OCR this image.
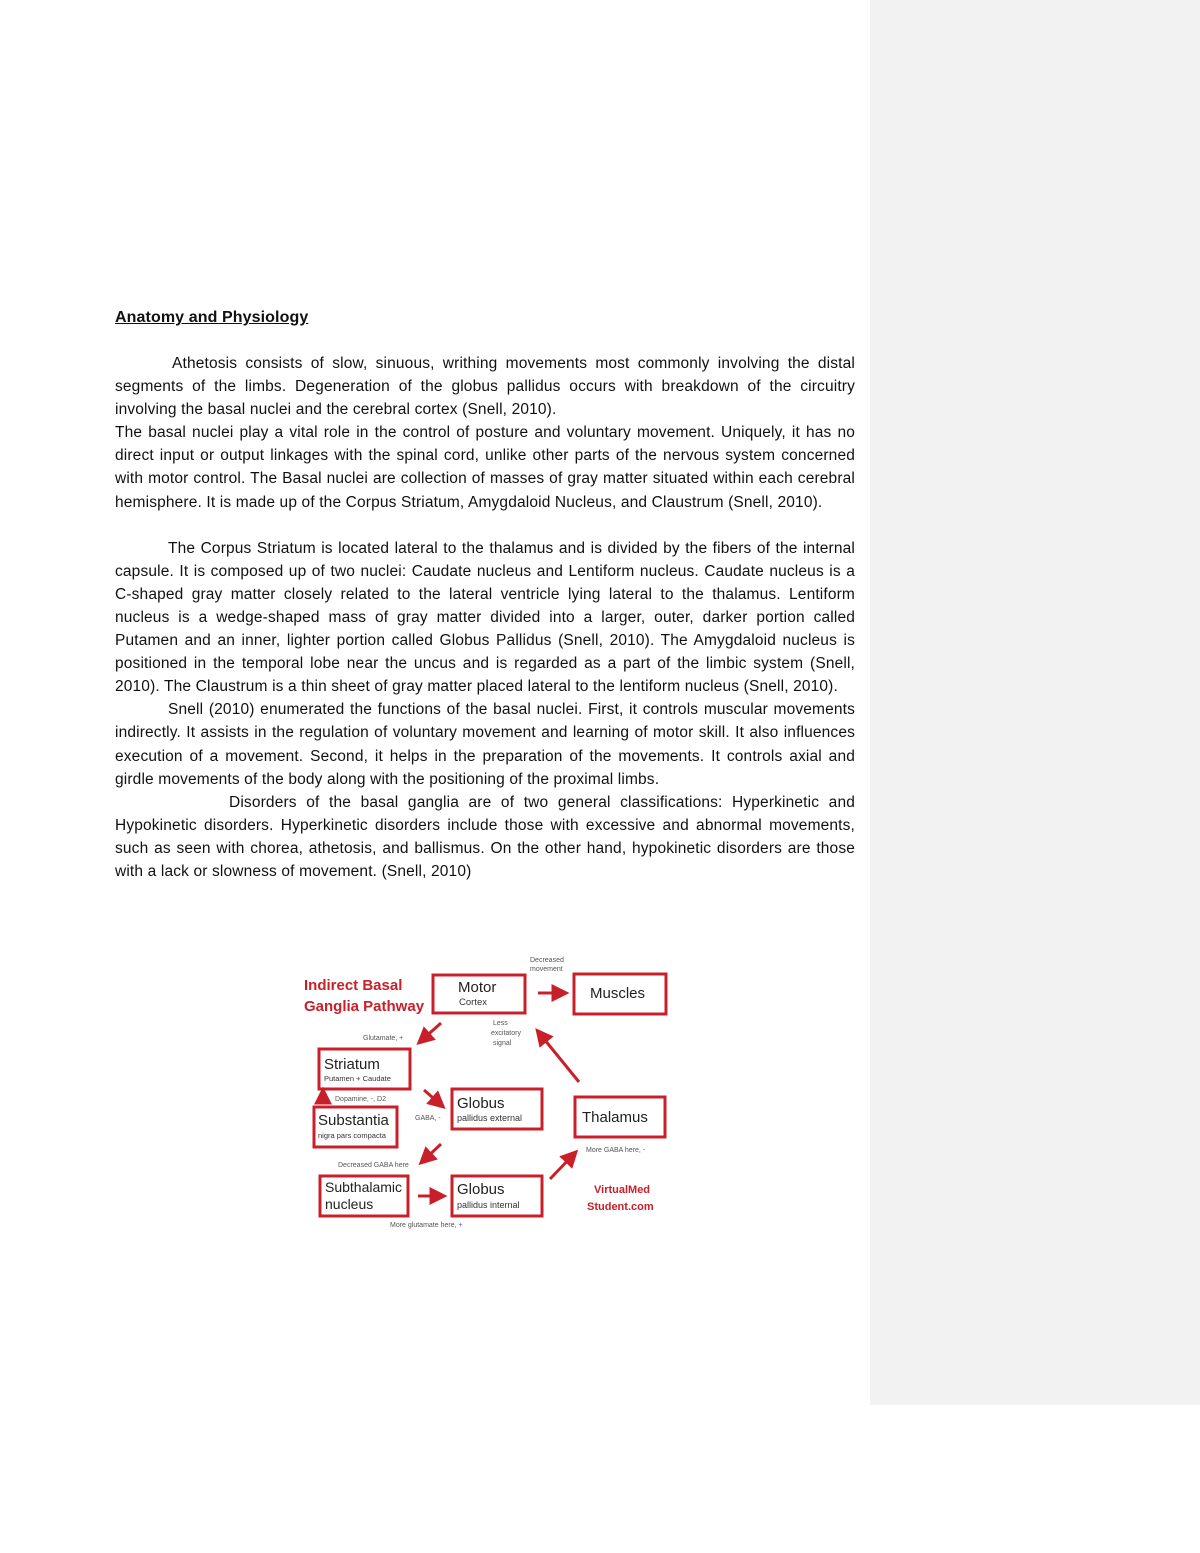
Anatomy and Physiology

Athetosis consists of slow, sinuous, writhing movements most commonly involving the distal segments of the limbs. Degeneration of the globus pallidus occurs with breakdown of the circuitry involving the basal nuclei and the cerebral cortex (Snell, 2010).

The basal nuclei play a vital role in the control of posture and voluntary movement. Uniquely, it has no direct input or output linkages with the spinal cord, unlike other parts of the nervous system concerned with motor control. The Basal nuclei are collection of masses of gray matter situated within each cerebral hemisphere. It is made up of the Corpus Striatum, Amygdaloid Nucleus, and Claustrum (Snell, 2010).

The Corpus Striatum is located lateral to the thalamus and is divided by the fibers of the internal capsule. It is composed up of two nuclei: Caudate nucleus and Lentiform nucleus. Caudate nucleus is a C-shaped gray matter closely related to the lateral ventricle lying lateral to the thalamus. Lentiform nucleus is a wedge-shaped mass of gray matter divided into a larger, outer, darker portion called Putamen and an inner, lighter portion called Globus Pallidus (Snell, 2010). The Amygdaloid nucleus is positioned in the temporal lobe near the uncus and is regarded as a part of the limbic system (Snell, 2010). The Claustrum is a thin sheet of gray matter placed lateral to the lentiform nucleus (Snell, 2010).

Snell (2010) enumerated the functions of the basal nuclei. First, it controls muscular movements indirectly. It assists in the regulation of voluntary movement and learning of motor skill. It also influences execution of a movement. Second, it helps in the preparation of the movements. It controls axial and girdle movements of the body along with the positioning of the proximal limbs.

Disorders of the basal ganglia are of two general classifications: Hyperkinetic and Hypokinetic disorders. Hyperkinetic disorders include those with excessive and abnormal movements, such as seen with chorea, athetosis, and ballismus. On the other hand, hypokinetic disorders are those with a lack or slowness of movement. (Snell, 2010)

Indirect Basal
Ganglia Pathway
Motor
Cortex
Muscles
Striatum
Putamen + Caudate
Substantia
nigra pars compacta
Globus
pallidus external	Thalamus
Subthalamic
nucleus
Globus
pallidus internal
Decreased
movement
Glutamate, +
Less
excitatory
signal
Dopamine, -, D2
GABA, -
Decreased GABA here
More GABA here, -
More glutamate here, +
VirtualMed
Student.com
